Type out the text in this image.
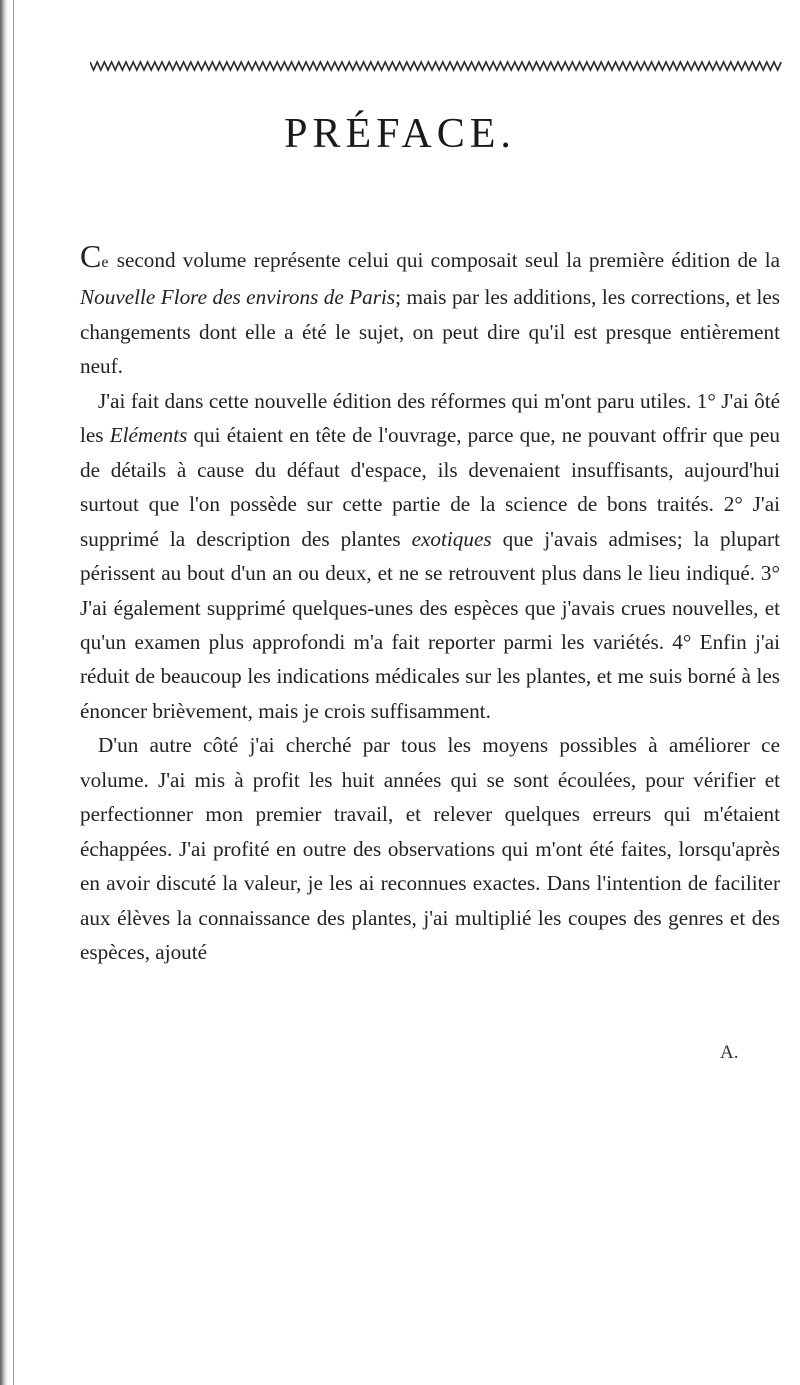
PRÉFACE.

Ce second volume représente celui qui composait seul la première édition de la Nouvelle Flore des environs de Paris; mais par les additions, les corrections, et les changements dont elle a été le sujet, on peut dire qu'il est presque entièrement neuf.

J'ai fait dans cette nouvelle édition des réformes qui m'ont paru utiles. 1° J'ai ôté les Eléments qui étaient en tête de l'ouvrage, parce que, ne pouvant offrir que peu de détails à cause du défaut d'espace, ils devenaient insuffisants, aujourd'hui surtout que l'on possède sur cette partie de la science de bons traités. 2° J'ai supprimé la description des plantes exotiques que j'avais admises; la plupart périssent au bout d'un an ou deux, et ne se retrouvent plus dans le lieu indiqué. 3° J'ai également supprimé quelques-unes des espèces que j'avais crues nouvelles, et qu'un examen plus approfondi m'a fait reporter parmi les variétés. 4° Enfin j'ai réduit de beaucoup les indications médicales sur les plantes, et me suis borné à les énoncer brièvement, mais je crois suffisamment.

D'un autre côté j'ai cherché par tous les moyens possibles à améliorer ce volume. J'ai mis à profit les huit années qui se sont écoulées, pour vérifier et perfectionner mon premier travail, et relever quelques erreurs qui m'étaient échappées. J'ai profité en outre des observations qui m'ont été faites, lorsqu'après en avoir discuté la valeur, je les ai reconnues exactes. Dans l'intention de faciliter aux élèves la connaissance des plantes, j'ai multiplié les coupes des genres et des espèces, ajouté

A.
